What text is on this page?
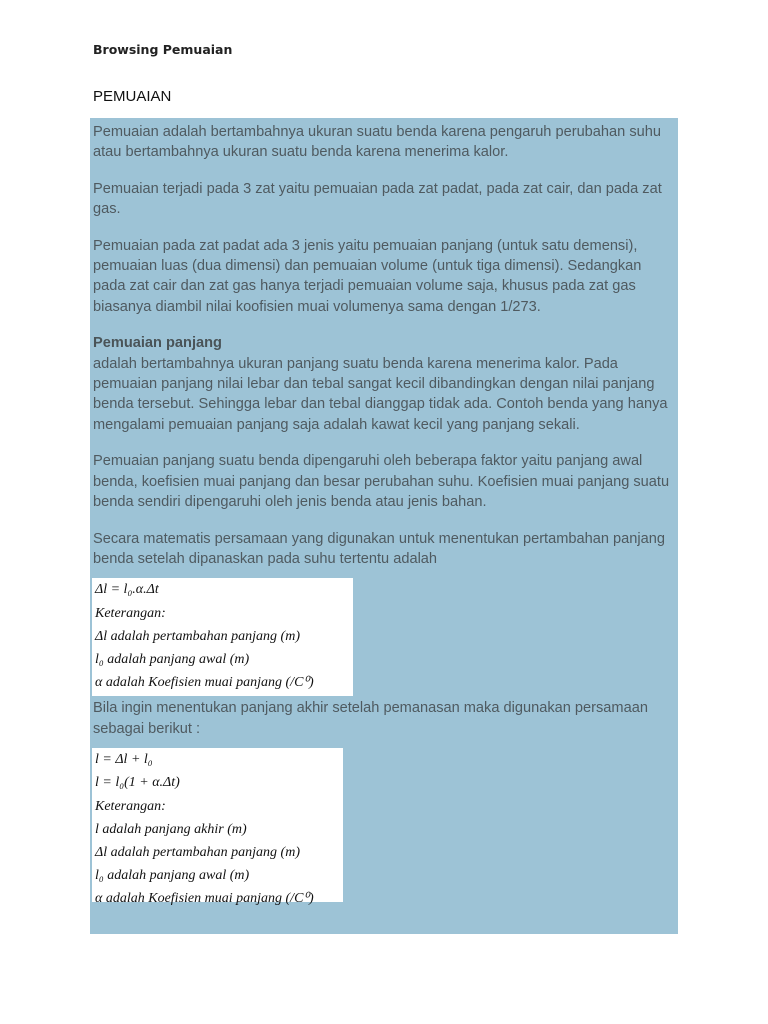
Browsing Pemuaian
PEMUAIAN

Pemuaian adalah bertambahnya ukuran suatu benda karena pengaruh perubahan suhu atau bertambahnya ukuran suatu benda karena menerima kalor.

Pemuaian terjadi pada 3 zat yaitu pemuaian pada zat padat, pada zat cair, dan pada zat gas.

Pemuaian pada zat padat ada 3 jenis yaitu pemuaian panjang (untuk satu demensi), pemuaian luas (dua dimensi) dan pemuaian volume (untuk tiga dimensi). Sedangkan pada zat cair dan zat gas hanya terjadi pemuaian volume saja, khusus pada zat gas biasanya diambil nilai koofisien muai volumenya sama dengan 1/273.

Pemuaian panjang
adalah bertambahnya ukuran panjang suatu benda karena menerima kalor. Pada pemuaian panjang nilai lebar dan tebal sangat kecil dibandingkan dengan nilai panjang benda tersebut. Sehingga lebar dan tebal dianggap tidak ada. Contoh benda yang hanya mengalami pemuaian panjang saja adalah kawat kecil yang panjang sekali.

Pemuaian panjang suatu benda dipengaruhi oleh beberapa faktor yaitu panjang awal benda, koefisien muai panjang dan besar perubahan suhu. Koefisien muai panjang suatu benda sendiri dipengaruhi oleh jenis benda atau jenis bahan.

Secara matematis persamaan yang digunakan untuk menentukan pertambahan panjang benda setelah dipanaskan pada suhu tertentu adalah

Δl = l₀.α.Δt
Keterangan:
Δl adalah pertambahan panjang (m)
l₀ adalah panjang awal (m)
α adalah Koefisien muai panjang (/C⁰)

Bila ingin menentukan panjang akhir setelah pemanasan maka digunakan persamaan sebagai berikut :

l = Δl + l₀
l = l₀(1 + α.Δt)
Keterangan:
l adalah panjang akhir (m)
Δl adalah pertambahan panjang (m)
l₀ adalah panjang awal (m)
α adalah Koefisien muai panjang (/C⁰)
